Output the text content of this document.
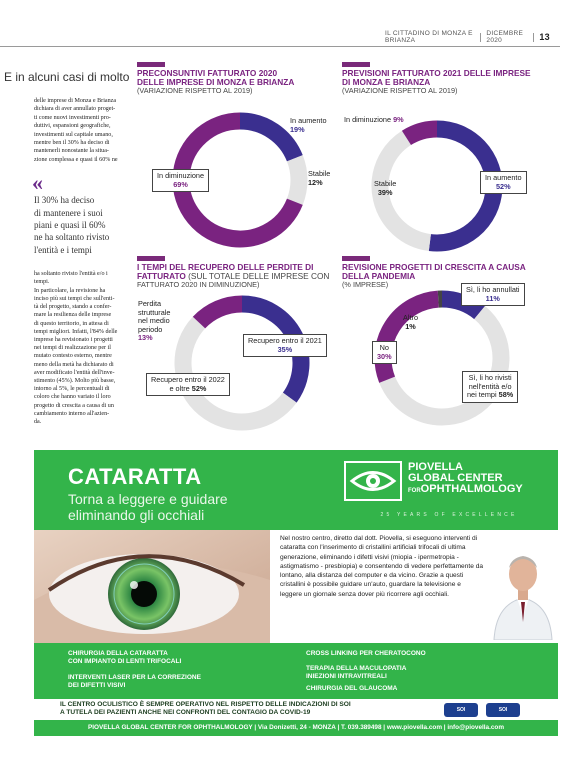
IL CITTADINO DI MONZA E BRIANZA
DICEMBRE 2020	13
E in alcuni casi di molto
delle imprese di Monza e Brianza
dichiara di aver annullato proget-
ti come nuovi investimenti pro-
duttivi, espansioni geografiche,
investimenti sul capitale umano,
mentre ben il 30% ha deciso di
mantenerli nonostante la situa-
zione complessa e quasi il 60% ne
«
Il 30% ha deciso
di mantenere i suoi
piani e quasi il 60%
ne ha soltanto rivisto
l'entità e i tempi
ha soltanto rivisto l'entità e/o i
tempi.
In particolare, la revisione ha
inciso più sui tempi che sull'enti-
tà del progetto, stando a confer-
mare la resilienza delle imprese
di questo territorio, in attesa di
tempi migliori. Infatti, l'84% delle
imprese ha revisionato i progetti
nei tempi di realizzazione per il
mutato contesto esterno, mentre
meno della metà ha dichiarato di
aver modificato l'entità dell'inve-
stimento (45%). Molto più basse,
intorno al 5%, le percentuali di
coloro che hanno variato il loro
progetto di crescita a causa di un
cambiamento interno all'azien-
da.
PRECONSUNTIVI FATTURATO 2020
DELLE IMPRESE DI MONZA E BRIANZA
(VARIAZIONE RISPETTO AL 2019)
In aumento
19%
Stabile
12%
In diminuzione
69%
PREVISIONI FATTURATO 2021 DELLE IMPRESE
DI MONZA E BRIANZA
(VARIAZIONE RISPETTO AL 2019)
In diminuzione 9%
In aumento
52%
Stabile
39%
I TEMPI DEL RECUPERO DELLE PERDITE DI
FATTURATO (SUL TOTALE DELLE IMPRESE CON
FATTURATO 2020 IN DIMINUZIONE)
Perdita
strutturale
nel medio
periodo
13%	Recupero entro il 2021
35%
Recupero entro il 2022
e oltre 52%
REVISIONE PROGETTI DI CRESCITA A CAUSA
DELLA PANDEMIA
(% IMPRESE)
Sì, li ho annullati
11%
Altro
1%
No
30%
Sì, li ho rivisti
nell'entità e/o
nei tempi 58%
CATARATTA
Torna a leggere e guidare
eliminando gli occhiali
PIOVELLA
GLOBAL CENTER
FOROPHTHALMOLOGY
25 YEARS OF EXCELLENCE
Nel nostro centro, diretto dal dott. Piovella, si eseguono interventi di cataratta con l'inserimento di cristallini artificiali trifocali di ultima generazione, eliminando i difetti visivi (miopia - ipermetropia - astigmatismo - presbiopia) e consentendo di vedere perfettamente da lontano, alla distanza del computer e da vicino. Grazie a questi cristallini è possibile guidare un'auto, guardare la televisione e leggere un giornale senza dover più ricorrere agli occhiali.
CHIRURGIA DELLA CATARATTA
CON IMPIANTO DI LENTI TRIFOCALI
INTERVENTI LASER PER LA CORREZIONE
DEI DIFETTI VISIVI
CROSS LINKING PER CHERATOCONO
TERAPIA DELLA MACULOPATIA
INIEZIONI INTRAVITREALI
CHIRURGIA DEL GLAUCOMA
IL CENTRO OCULISTICO È SEMPRE OPERATIVO NEL RISPETTO DELLE INDICAZIONI DI SOI
A TUTELA DEI PAZIENTI ANCHE NEI CONFRONTI DEL CONTAGIO DA COVID-19	SOI	SOI
PIOVELLA GLOBAL CENTER FOR OPHTHALMOLOGY | Via Donizetti, 24 - MONZA | T. 039.389498 | www.piovella.com | info@piovella.com
